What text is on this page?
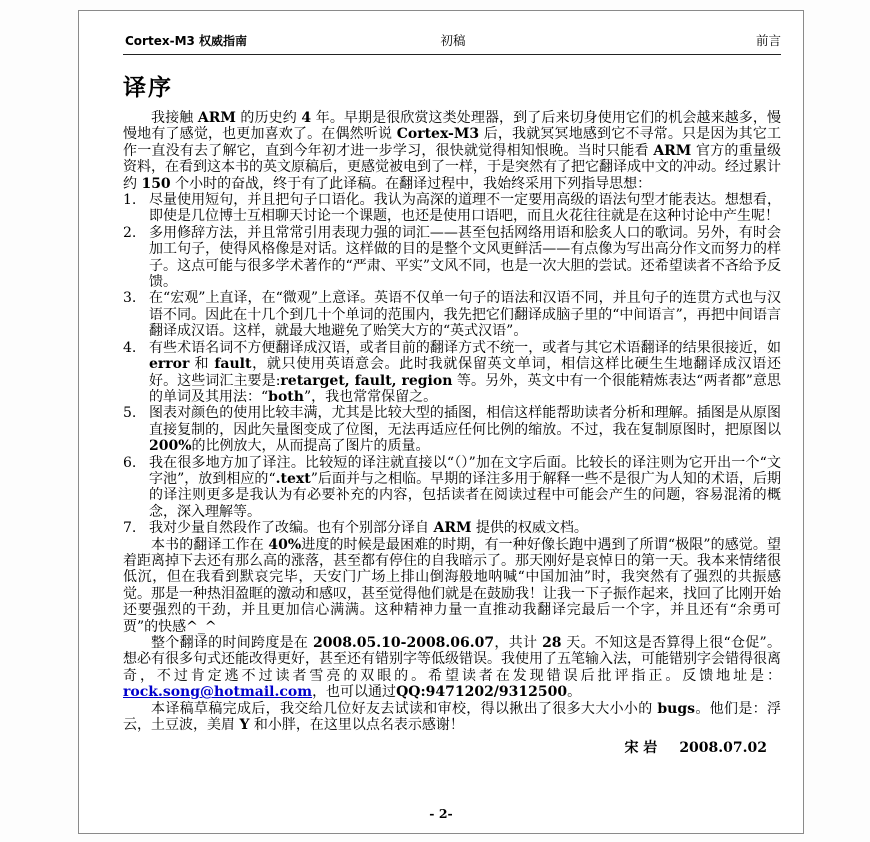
Cortex-M3 权威指南	初稿	前言
译序

我接触 ARM 的历史约 4 年。早期是很欣赏这类处理器，到了后来切身使用它们的机会越来越多，慢慢地有了感觉，也更加喜欢了。在偶然听说 Cortex-M3 后，我就冥冥地感到它不寻常。只是因为其它工作一直没有去了解它，直到今年初才进一步学习，很快就觉得相知恨晚。当时只能看 ARM 官方的重量级资料，在看到这本书的英文原稿后，更感觉被电到了一样，于是突然有了把它翻译成中文的冲动。经过累计约 150 个小时的奋战，终于有了此译稿。在翻译过程中，我始终采用下列指导思想：

1. 尽量使用短句，并且把句子口语化。我认为高深的道理不一定要用高级的语法句型才能表达。想想看，即使是几位博士互相聊天讨论一个课题，也还是使用口语吧，而且火花往往就是在这种讨论中产生呢！
2. 多用修辞方法，并且常常引用表现力强的词汇——甚至包括网络用语和脍炙人口的歌词。另外，有时会加工句子，使得风格像是对话。这样做的目的是整个文风更鲜活——有点像为写出高分作文而努力的样子。这点可能与很多学术著作的“严肃、平实”文风不同，也是一次大胆的尝试。还希望读者不吝给予反馈。
3. 在“宏观”上直译，在“微观”上意译。英语不仅单一句子的语法和汉语不同，并且句子的连贯方式也与汉语不同。因此在十几个到几十个单词的范围内，我先把它们翻译成脑子里的“中间语言”，再把中间语言翻译成汉语。这样，就最大地避免了贻笑大方的“英式汉语”。
4. 有些术语名词不方便翻译成汉语，或者目前的翻译方式不统一，或者与其它术语翻译的结果很接近，如 error 和 fault，就只使用英语意会。此时我就保留英文单词，相信这样比硬生生地翻译成汉语还好。这些词汇主要是:retarget, fault, region 等。另外，英文中有一个很能精炼表达“两者都”意思的单词及其用法：“both”，我也常常保留之。
5. 图表对颜色的使用比较丰满，尤其是比较大型的插图，相信这样能帮助读者分析和理解。插图是从原图直接复制的，因此矢量图变成了位图，无法再适应任何比例的缩放。不过，我在复制原图时，把原图以 200%的比例放大，从而提高了图片的质量。
6. 我在很多地方加了译注。比较短的译注就直接以“（）”加在文字后面。比较长的译注则为它开出一个“文字池”，放到相应的“.text”后面并与之相临。早期的译注多用于解释一些不是很广为人知的术语，后期的译注则更多是我认为有必要补充的内容，包括读者在阅读过程中可能会产生的问题，容易混淆的概念，深入理解等。
7. 我对少量自然段作了改编。也有个别部分译自 ARM 提供的权威文档。

本书的翻译工作在 40%进度的时候是最困难的时期，有一种好像长跑中遇到了所谓“极限”的感觉。望着距离掉下去还有那么高的涨落，甚至都有停住的自我暗示了。那天刚好是哀悼日的第一天。我本来情绪很低沉，但在我看到默哀完毕，天安门广场上排山倒海般地呐喊“中国加油”时，我突然有了强烈的共振感觉。那是一种热泪盈眶的激动和感叹，甚至觉得他们就是在鼓励我！让我一下子振作起来，找回了比刚开始还要强烈的干劲，并且更加信心满满。这种精神力量一直推动我翻译完最后一个字，并且还有“余勇可贾”的快感^_^

整个翻译的时间跨度是在 2008.05.10-2008.06.07，共计 28 天。不知这是否算得上很“仓促”。想必有很多句式还能改得更好，甚至还有错别字等低级错误。我使用了五笔输入法，可能错别字会错得很离奇，不过肯定逃不过读者雪亮的双眼的。希望读者在发现错误后批评指正。反馈地址是：rock.song@hotmail.com，也可以通过QQ:9471202/9312500。

本译稿草稿完成后，我交给几位好友去试读和审校，得以揪出了很多大大小小的 bugs。他们是：浮云，土豆波，美眉 Y 和小胖，在这里以点名表示感谢！

宋 岩 2008.07.02
- 2-
